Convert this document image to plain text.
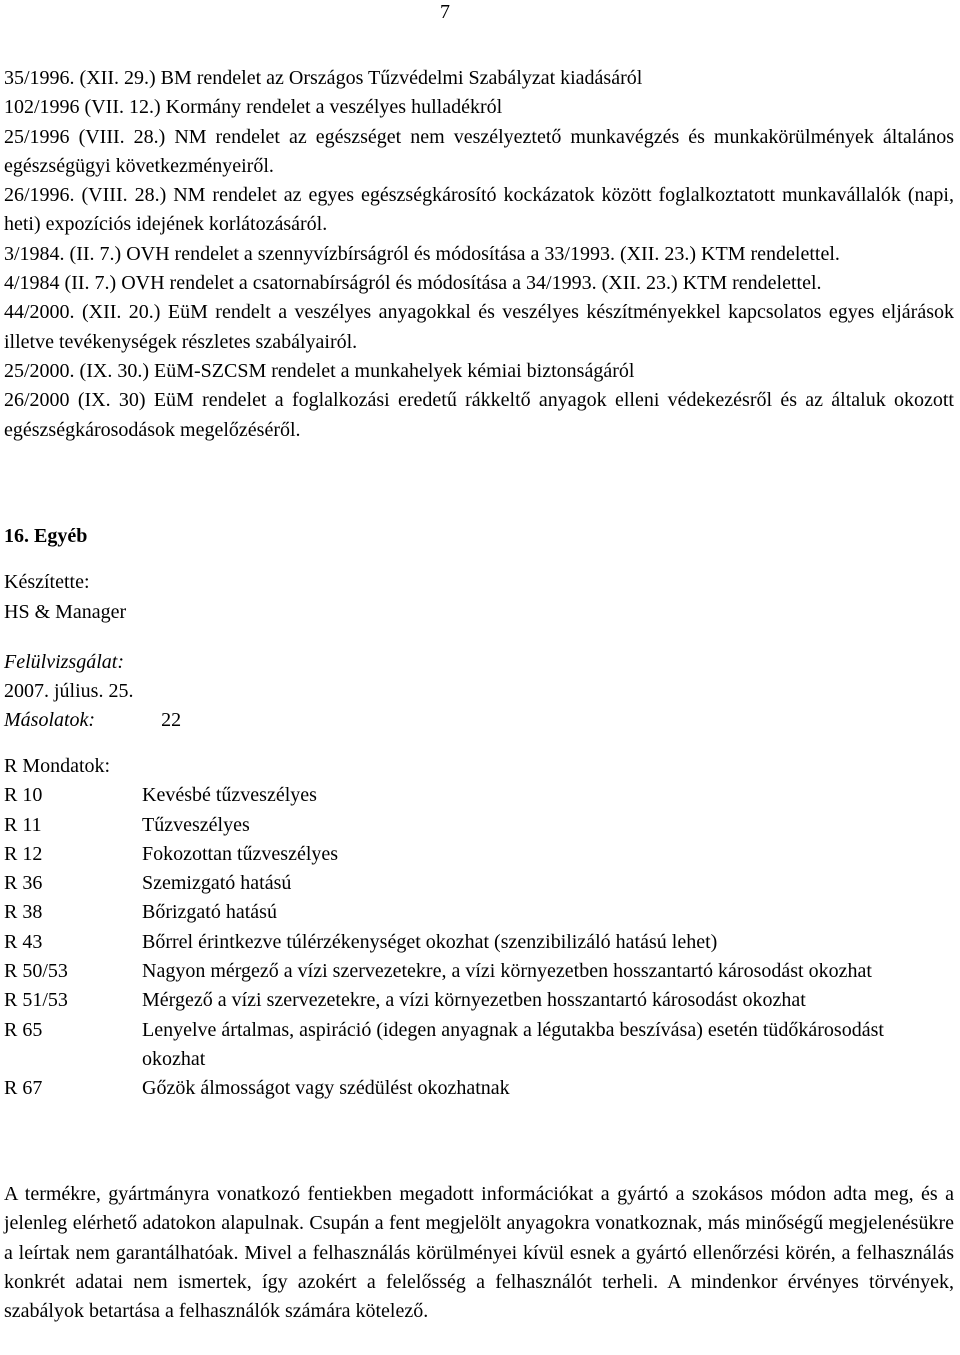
7

35/1996. (XII. 29.) BM rendelet az Országos Tűzvédelmi Szabályzat kiadásáról

102/1996 (VII. 12.) Kormány rendelet a veszélyes hulladékról

25/1996 (VIII. 28.) NM rendelet az egészséget nem veszélyeztető munkavégzés és munkakörülmények általános egészségügyi következményeiről.

26/1996. (VIII. 28.) NM rendelet az egyes egészségkárosító kockázatok között foglalkoztatott munkavállalók (napi, heti) expozíciós idejének korlátozásáról.

3/1984. (II. 7.) OVH rendelet a szennyvízbírságról és módosítása a 33/1993. (XII. 23.) KTM rendelettel.

4/1984 (II. 7.) OVH rendelet a csatornabírságról és módosítása a 34/1993. (XII. 23.) KTM rendelettel.

44/2000. (XII. 20.) EüM rendelt a veszélyes anyagokkal és veszélyes készítményekkel kapcsolatos egyes eljárások illetve tevékenységek részletes szabályairól.

25/2000. (IX. 30.) EüM-SZCSM rendelet a munkahelyek kémiai biztonságáról

26/2000 (IX. 30) EüM rendelet a foglalkozási eredetű rákkeltő anyagok elleni védekezésről és az általuk okozott egészségkárosodások megelőzéséről.

16. Egyéb
Készítette:
HS & Manager
Felülvizsgálat:
2007. július. 25.
Másolatok:	22
R Mondatok:
R 10	Kevésbé tűzveszélyes
R 11	Tűzveszélyes
R 12	Fokozottan tűzveszélyes
R 36	Szemizgató hatású
R 38	Bőrizgató hatású
R 43	Bőrrel érintkezve túlérzékenységet okozhat (szenzibilizáló hatású lehet)
R 50/53	Nagyon mérgező a vízi szervezetekre, a vízi környezetben hosszantartó károsodást okozhat
R 51/53	Mérgező a vízi szervezetekre, a vízi környezetben hosszantartó károsodást okozhat
R 65	Lenyelve ártalmas, aspiráció (idegen anyagnak a légutakba beszívása) esetén tüdőkárosodást okozhat
R 67	Gőzök álmosságot vagy szédülést okozhatnak

A termékre, gyártmányra vonatkozó fentiekben megadott információkat a gyártó a szokásos módon adta meg, és a jelenleg elérhető adatokon alapulnak. Csupán a fent megjelölt anyagokra vonatkoznak, más minőségű megjelenésükre a leírtak nem garantálhatóak. Mivel a felhasználás körülményei kívül esnek a gyártó ellenőrzési körén, a felhasználás konkrét adatai nem ismertek, így azokért a felelősség a felhasználót terheli. A mindenkor érvényes törvények, szabályok betartása a felhasználók számára kötelező.
